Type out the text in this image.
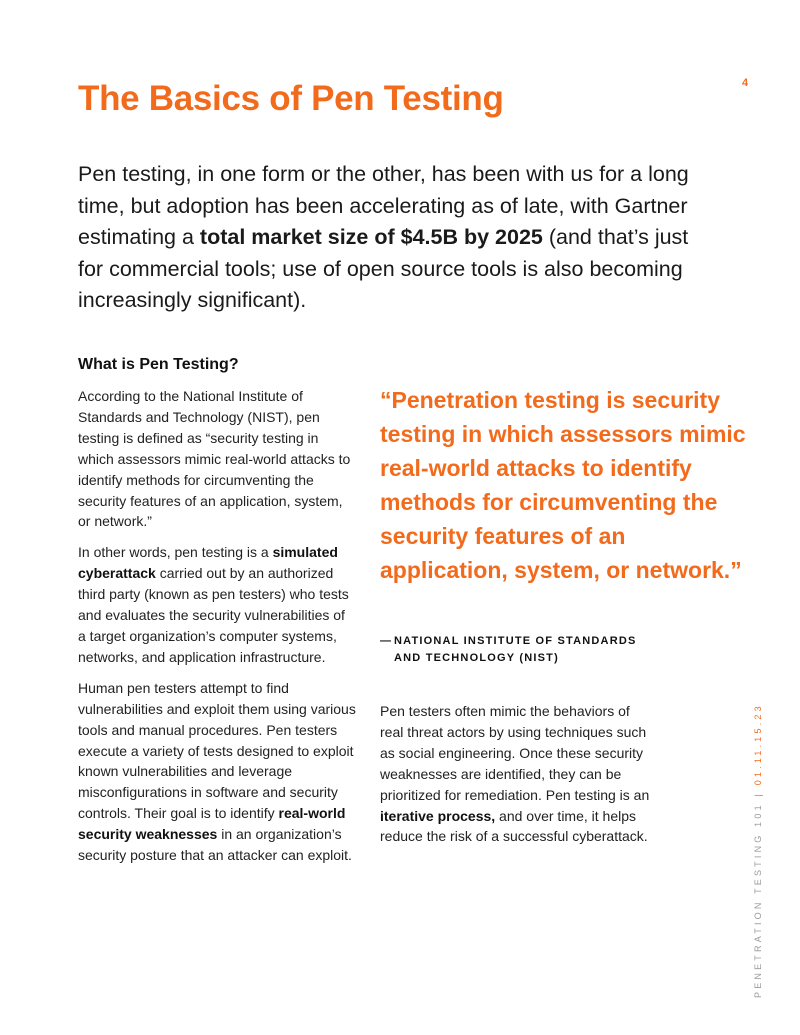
4
The Basics of Pen Testing

Pen testing, in one form or the other, has been with us for a long time, but adoption has been accelerating as of late, with Gartner estimating a total market size of $4.5B by 2025 (and that’s just for commercial tools; use of open source tools is also becoming increasingly significant).

What is Pen Testing?

According to the National Institute of Standards and Technology (NIST), pen testing is defined as “security testing in which assessors mimic real-world attacks to identify methods for circumventing the security features of an application, system, or network.”

In other words, pen testing is a simulated cyberattack carried out by an authorized third party (known as pen testers) who tests and evaluates the security vulnerabilities of a target organization’s computer systems, networks, and application infrastructure.

Human pen testers attempt to find vulnerabilities and exploit them using various tools and manual procedures. Pen testers execute a variety of tests designed to exploit known vulnerabilities and leverage misconfigurations in software and security controls. Their goal is to identify real-world security weaknesses in an organization’s security posture that an attacker can exploit.

“Penetration testing is security testing in which assessors mimic real-world attacks to identify methods for circumventing the security features of an application, system, or network.”
— NATIONAL INSTITUTE OF STANDARDS
AND TECHNOLOGY (NIST)

Pen testers often mimic the behaviors of real threat actors by using techniques such as social engineering. Once these security weaknesses are identified, they can be prioritized for remediation. Pen testing is an iterative process, and over time, it helps reduce the risk of a successful cyberattack.	PENETRATION TESTING 101 | 01.11.15.23
